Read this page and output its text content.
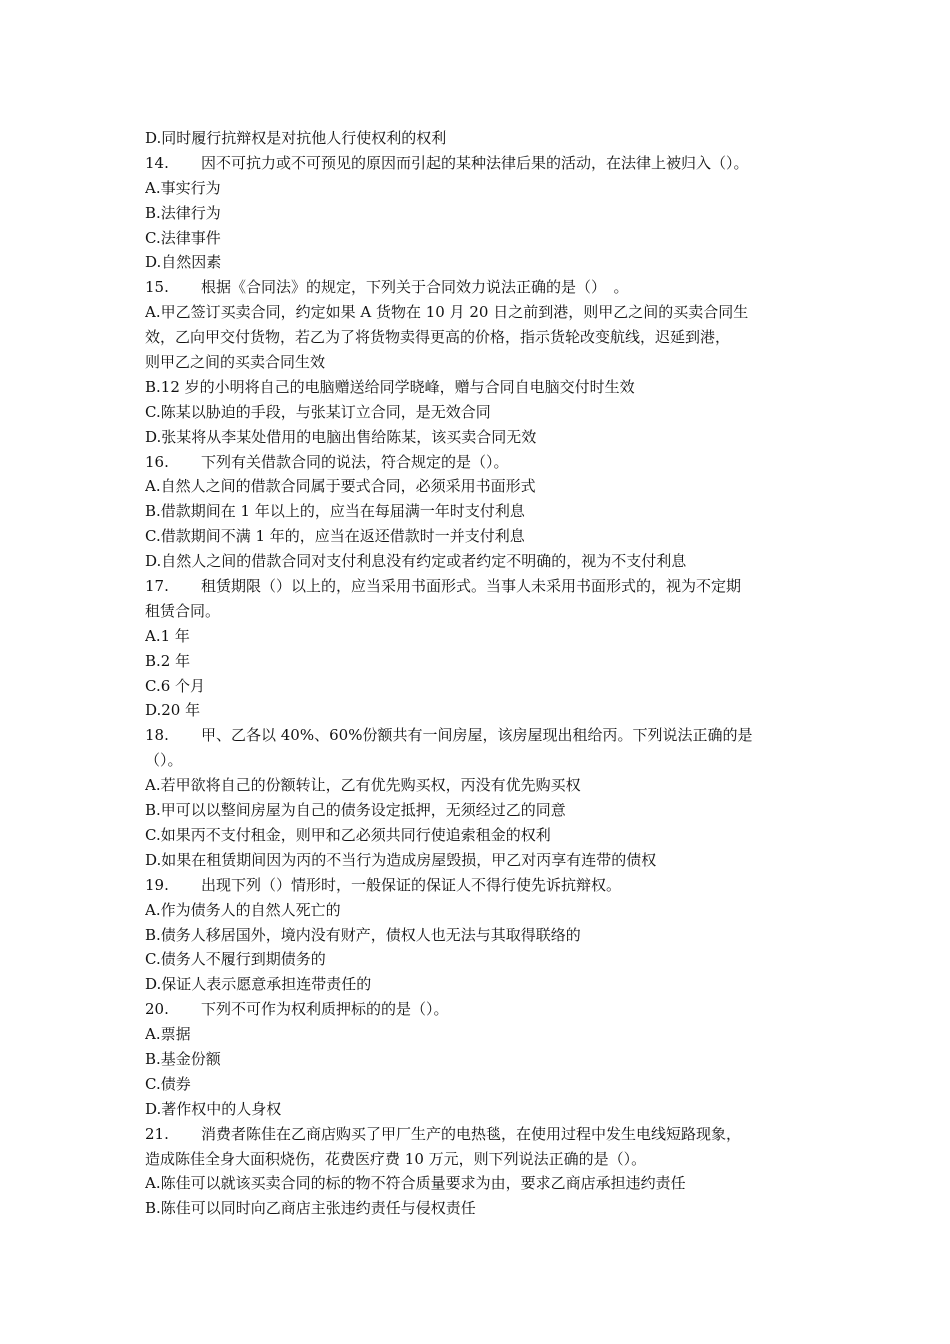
D.同时履行抗辩权是对抗他人行使权利的权利
14. 因不可抗力或不可预见的原因而引起的某种法律后果的活动，在法律上被归入（）。
A.事实行为
B.法律行为
C.法律事件
D.自然因素
15. 根据《合同法》的规定，下列关于合同效力说法正确的是（）　。
A.甲乙签订买卖合同，约定如果 A 货物在 10 月 20 日之前到港，则甲乙之间的买卖合同生
效，乙向甲交付货物，若乙为了将货物卖得更高的价格，指示货轮改变航线，迟延到港，
则甲乙之间的买卖合同生效
B.12 岁的小明将自己的电脑赠送给同学晓峰，赠与合同自电脑交付时生效
C.陈某以胁迫的手段，与张某订立合同，是无效合同
D.张某将从李某处借用的电脑出售给陈某，该买卖合同无效
16. 下列有关借款合同的说法，符合规定的是（）。
A.自然人之间的借款合同属于要式合同，必须采用书面形式
B.借款期间在 1 年以上的，应当在每届满一年时支付利息
C.借款期间不满 1 年的，应当在返还借款时一并支付利息
D.自然人之间的借款合同对支付利息没有约定或者约定不明确的，视为不支付利息
17. 租赁期限（）以上的，应当采用书面形式。当事人未采用书面形式的，视为不定期
租赁合同。
A.1 年
B.2 年
C.6 个月
D.20 年
18. 甲、乙各以 40%、60%份额共有一间房屋，该房屋现出租给丙。下列说法正确的是
（）。
A.若甲欲将自己的份额转让，乙有优先购买权，丙没有优先购买权
B.甲可以以整间房屋为自己的债务设定抵押，无须经过乙的同意
C.如果丙不支付租金，则甲和乙必须共同行使追索租金的权利
D.如果在租赁期间因为丙的不当行为造成房屋毁损，甲乙对丙享有连带的债权
19. 出现下列（）情形时，一般保证的保证人不得行使先诉抗辩权。
A.作为债务人的自然人死亡的
B.债务人移居国外，境内没有财产，债权人也无法与其取得联络的
C.债务人不履行到期债务的
D.保证人表示愿意承担连带责任的
20. 下列不可作为权利质押标的的是（）。
A.票据
B.基金份额
C.债券
D.著作权中的人身权
21. 消费者陈佳在乙商店购买了甲厂生产的电热毯，在使用过程中发生电线短路现象，
造成陈佳全身大面积烧伤，花费医疗费 10 万元，则下列说法正确的是（）。
A.陈佳可以就该买卖合同的标的物不符合质量要求为由，要求乙商店承担违约责任
B.陈佳可以同时向乙商店主张违约责任与侵权责任
